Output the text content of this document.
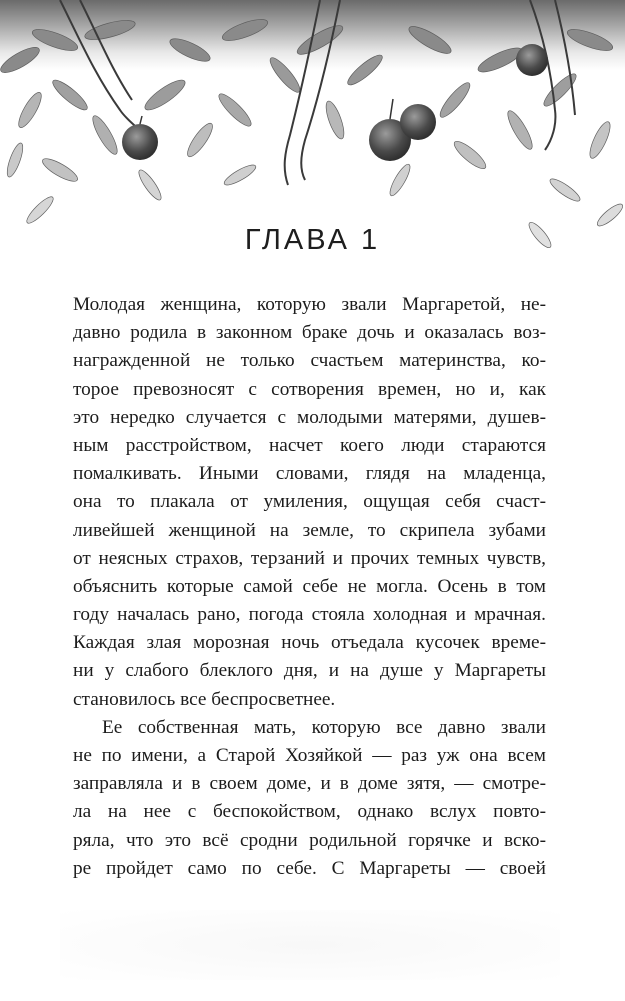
ГЛАВА 1

Молодая женщина, которую звали Маргаретой, не-
давно родила в законном браке дочь и оказалась воз-
награжденной не только счастьем материнства, ко-
торое превозносят с сотворения времен, но и, как
это нередко случается с молодыми матерями, душев-
ным расстройством, насчет коего люди стараются
помалкивать. Иными словами, глядя на младенца,
она то плакала от умиления, ощущая себя счаст-
ливейшей женщиной на земле, то скрипела зубами
от неясных страхов, терзаний и прочих темных чувств,
объяснить которые самой себе не могла. Осень в том
году началась рано, погода стояла холодная и мрачная.
Каждая злая морозная ночь отъедала кусочек време-
ни у слабого блеклого дня, и на душе у Маргареты
становилось все беспросветнее.

Ее собственная мать, которую все давно звали
не по имени, а Старой Хозяйкой — раз уж она всем
заправляла и в своем доме, и в доме зятя, — смотре-
ла на нее с беспокойством, однако вслух повто-
ряла, что это всё сродни родильной горячке и вско-
ре пройдет само по себе. С Маргареты — своей
